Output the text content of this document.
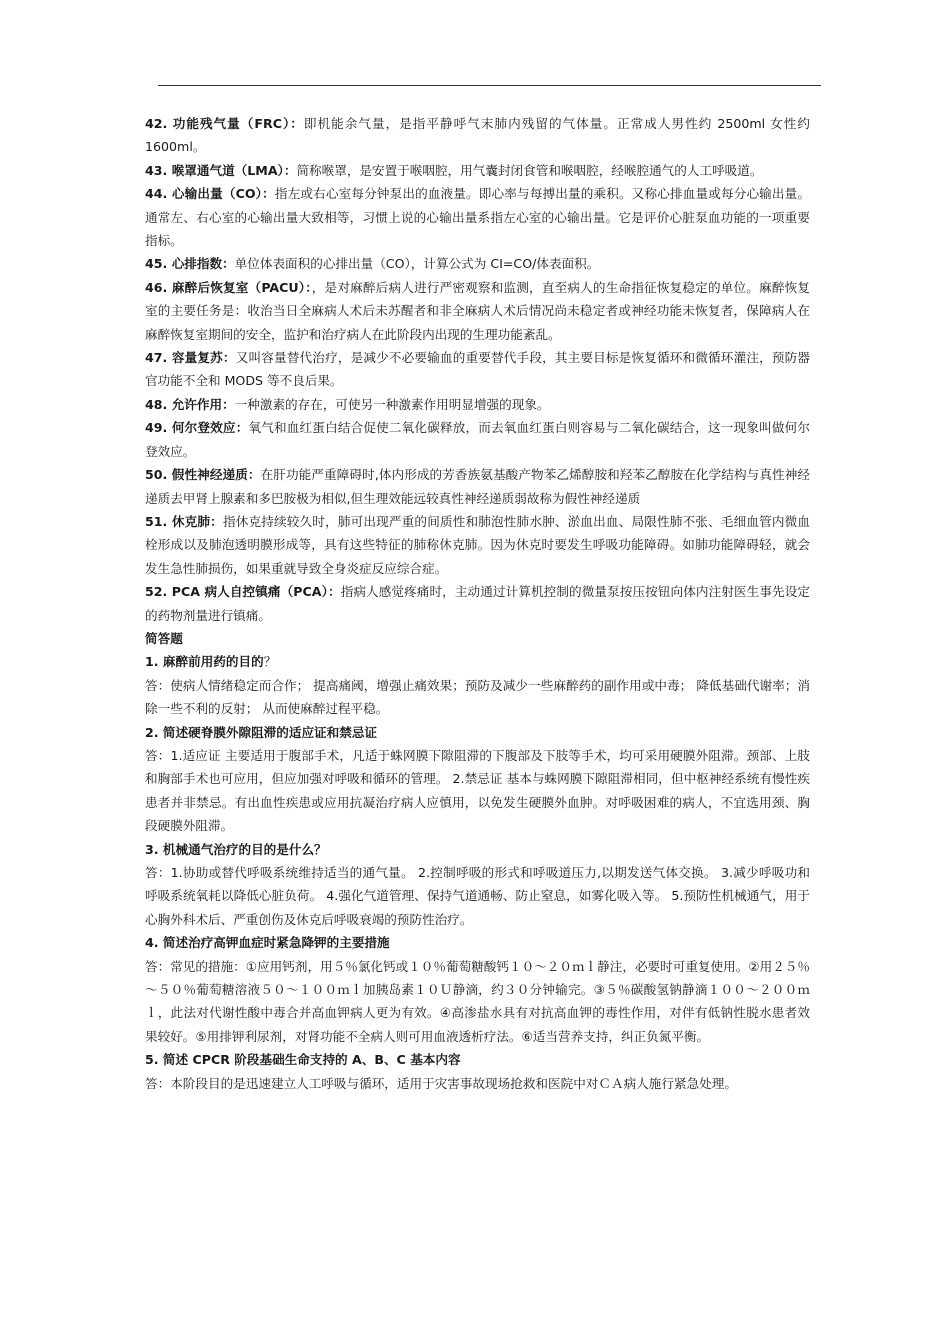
42. 功能残气量（FRC）：即机能余气量，是指平静呼气末肺内残留的气体量。正常成人男性约 2500ml 女性约 1600ml。

43. 喉罩通气道（LMA）：简称喉罩，是安置于喉咽腔，用气囊封闭食管和喉咽腔，经喉腔通气的人工呼吸道。

44. 心输出量（CO）：指左或右心室每分钟泵出的血液量。即心率与每搏出量的乘积。又称心排血量或每分心输出量。通常左、右心室的心输出量大致相等，习惯上说的心输出量系指左心室的心输出量。它是评价心脏泵血功能的一项重要指标。

45. 心排指数：单位体表面积的心排出量（CO），计算公式为 CI=CO/体表面积。

46. 麻醉后恢复室（PACU）：，是对麻醉后病人进行严密观察和监测，直至病人的生命指征恢复稳定的单位。麻醉恢复室的主要任务是：收治当日全麻病人术后未苏醒者和非全麻病人术后情况尚未稳定者或神经功能未恢复者，保障病人在麻醉恢复室期间的安全，监护和治疗病人在此阶段内出现的生理功能紊乱。

47. 容量复苏：又叫容量替代治疗，是减少不必要输血的重要替代手段，其主要目标是恢复循环和微循环灌注，预防器官功能不全和 MODS 等不良后果。

48. 允许作用：一种激素的存在，可使另一种激素作用明显增强的现象。

49. 何尔登效应：氧气和血红蛋白结合促使二氧化碳释放，而去氧血红蛋白则容易与二氧化碳结合，这一现象叫做何尔登效应。

50. 假性神经递质：在肝功能严重障碍时,体内形成的芳香族氨基酸产物苯乙烯醇胺和羟苯乙醇胺在化学结构与真性神经递质去甲肾上腺素和多巴胺极为相似,但生理效能远较真性神经递质弱故称为假性神经递质

51. 休克肺：指休克持续较久时，肺可出现严重的间质性和肺泡性肺水肿、淤血出血、局限性肺不张、毛细血管内微血栓形成以及肺泡透明膜形成等，具有这些特征的肺称休克肺。因为休克时要发生呼吸功能障碍。如肺功能障碍轻，就会发生急性肺损伤，如果重就导致全身炎症反应综合症。

52. PCA 病人自控镇痛（PCA）：指病人感觉疼痛时，主动通过计算机控制的微量泵按压按钮向体内注射医生事先设定的药物剂量进行镇痛。

简答题

1. 麻醉前用药的目的？

答：使病人情绪稳定而合作； 提高痛阈，增强止痛效果；预防及减少一些麻醉药的副作用或中毒； 降低基础代谢率；消除一些不利的反射； 从而使麻醉过程平稳。

2. 简述硬脊膜外隙阻滞的适应证和禁忌证

答：1.适应证 主要适用于腹部手术，凡适于蛛网膜下隙阻滞的下腹部及下肢等手术，均可采用硬膜外阻滞。颈部、上肢和胸部手术也可应用，但应加强对呼吸和循环的管理。 2.禁忌证 基本与蛛网膜下隙阻滞相同，但中枢神经系统有慢性疾患者并非禁忌。有出血性疾患或应用抗凝治疗病人应慎用，以免发生硬膜外血肿。对呼吸困难的病人，不宜选用颈、胸段硬膜外阻滞。

3. 机械通气治疗的目的是什么？

答：1.协助或替代呼吸系统维持适当的通气量。 2.控制呼吸的形式和呼吸道压力,以期发送气体交换。 3.减少呼吸功和呼吸系统氧耗以降低心脏负荷。 4.强化气道管理、保持气道通畅、防止窒息，如雾化吸入等。 5.预防性机械通气，用于心胸外科术后、严重创伤及休克后呼吸衰竭的预防性治疗。

4. 简述治疗高钾血症时紧急降钾的主要措施

答：常见的措施：①应用钙剂，用５％氯化钙或１０％葡萄糖酸钙１０～２０ｍｌ静注，必要时可重复使用。②用２５％～５０％葡萄糖溶液５０～１００ｍｌ加胰岛素１０Ｕ静滴，约３０分钟输完。③５％碳酸氢钠静滴１００～２００ｍｌ，此法对代谢性酸中毒合并高血钾病人更为有效。④高渗盐水具有对抗高血钾的毒性作用，对伴有低钠性脱水患者效果较好。⑤用排钾利尿剂，对肾功能不全病人则可用血液透析疗法。⑥适当营养支持，纠正负氮平衡。

5. 简述 CPCR 阶段基础生命支持的 A、B、C 基本内容

答：本阶段目的是迅速建立人工呼吸与循环，适用于灾害事故现场抢救和医院中对ＣＡ病人施行紧急处理。
